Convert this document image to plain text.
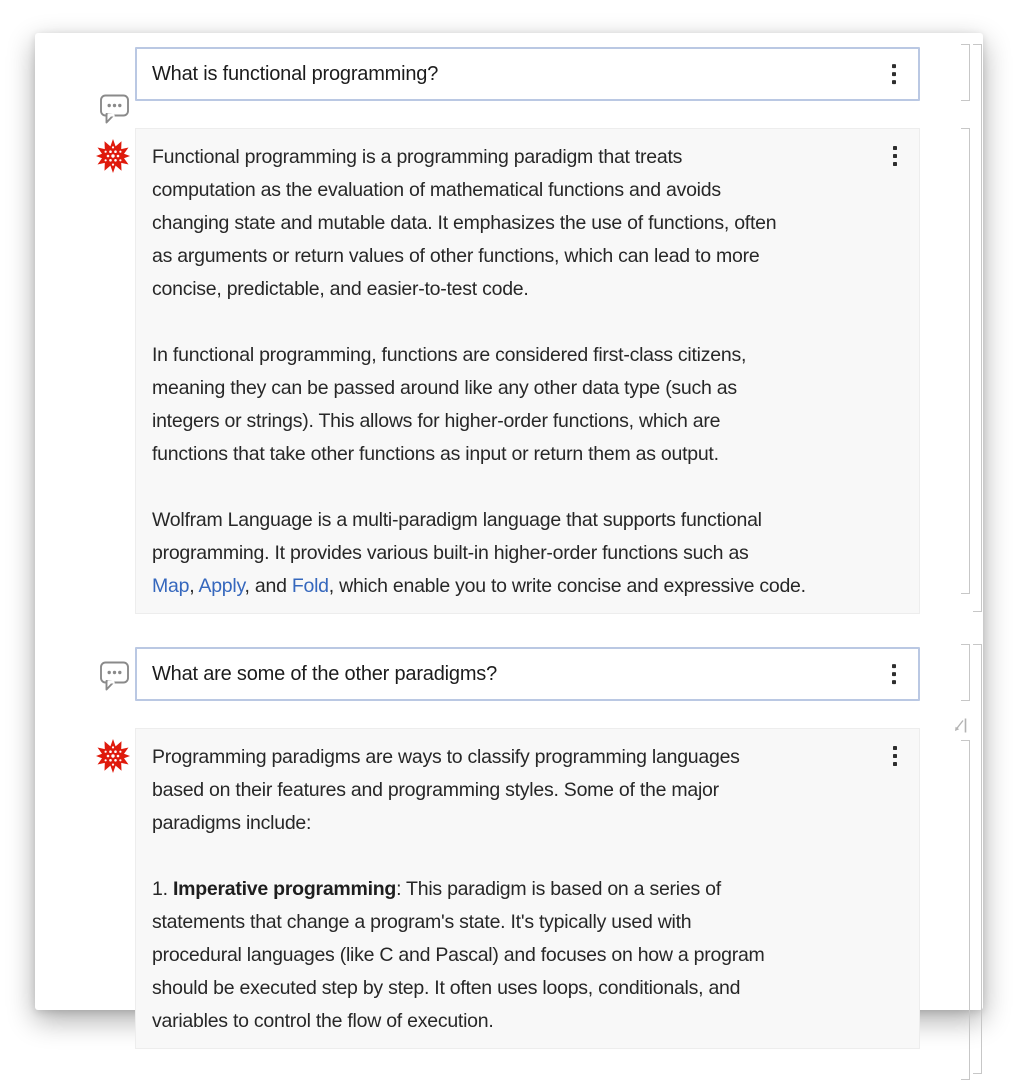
What is functional programming?
Functional programming is a programming paradigm that treats
computation as the evaluation of mathematical functions and avoids
changing state and mutable data. It emphasizes the use of functions, often
as arguments or return values of other functions, which can lead to more
concise, predictable, and easier-to-test code.
In functional programming, functions are considered first-class citizens,
meaning they can be passed around like any other data type (such as
integers or strings). This allows for higher-order functions, which are
functions that take other functions as input or return them as output.
Wolfram Language is a multi-paradigm language that supports functional
programming. It provides various built-in higher-order functions such as
Map, Apply, and Fold, which enable you to write concise and expressive code.
What are some of the other paradigms?
Programming paradigms are ways to classify programming languages
based on their features and programming styles. Some of the major
paradigms include:
1. Imperative programming: This paradigm is based on a series of
statements that change a program's state. It's typically used with
procedural languages (like C and Pascal) and focuses on how a program
should be executed step by step. It often uses loops, conditionals, and
variables to control the flow of execution.
